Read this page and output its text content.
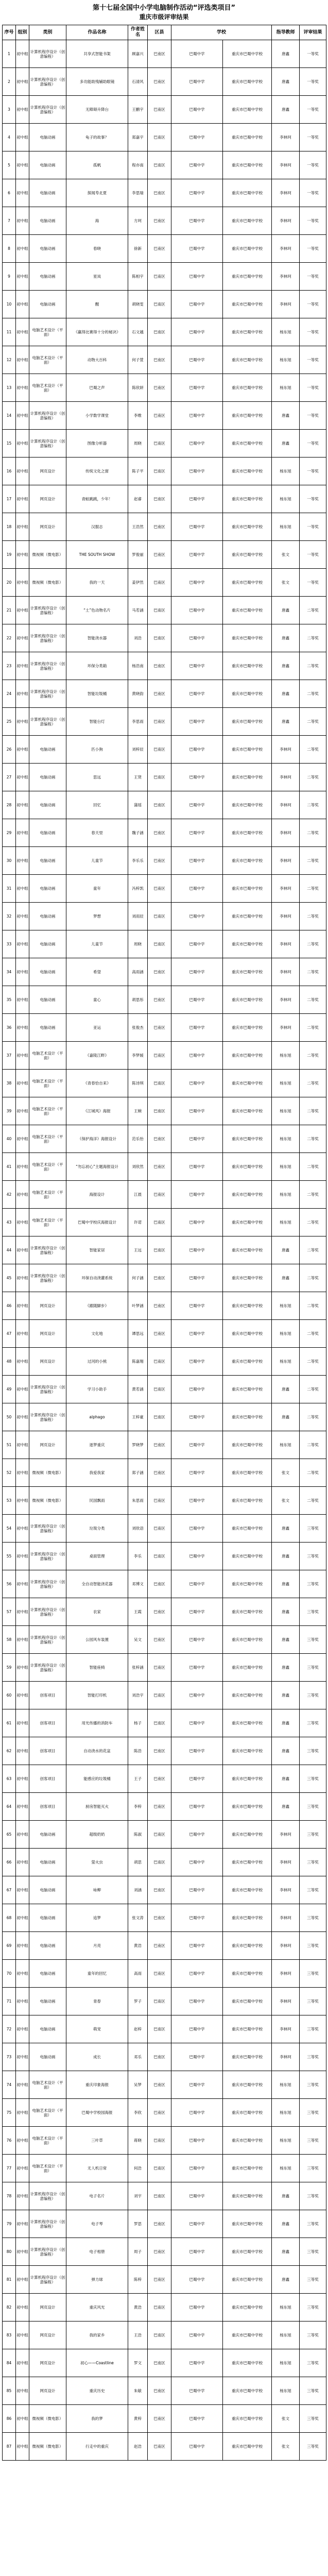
第十七届全国中小学电脑制作活动“评选类项目”
重庆市级评审结果
序号	组别	类别	作品名称	作者姓名	区县	学校		指导教师	评审结果
1	初中组	计算机程序设计（创意编程）	共享式智能书架	顾嘉兴	巴南区	巴蜀中学	重庆市巴蜀中学校	唐鑫	一等奖
2	初中组	计算机程序设计（创意编程）	多功能助残辅助眼镜	石清风	巴南区	巴蜀中学	重庆市巴蜀中学校	唐鑫	一等奖
3	初中组	计算机程序设计（创意编程）	无障碍升降台	王鹏宇	巴南区	巴蜀中学	重庆市巴蜀中学校	唐鑫	一等奖
4	初中组	电脑动画	龟子的故事？	郑嘉宇	巴南区	巴蜀中学	重庆市巴蜀中学校	李林珂	一等奖
5	初中组	电脑动画	孤帆	程亦南	巴南区	巴蜀中学	重庆市巴蜀中学校	李林珂	一等奖
6	初中组	电脑动画	探闻寿北夏	李思瑞	巴南区	巴蜀中学	重庆市巴蜀中学校	李林珂	一等奖
7	初中组	电脑动画	海	方珂	巴南区	巴蜀中学	重庆市巴蜀中学校	李林珂	一等奖
8	初中组	电脑动画	春晓	徐新	巴南区	巴蜀中学	重庆市巴蜀中学校	李林珂	一等奖
9	初中组	电脑动画	星岚	陈相宇	巴南区	巴蜀中学	重庆市巴蜀中学校	李林珂	一等奖
10	初中组	电脑动画	醒	胡晓雯	巴南区	巴蜀中学	重庆市巴蜀中学校	李林珂	一等奖
11	初中组	电脑艺术设计（平面）	《赢得比赛得十分的秘诀》	石文越	巴南区	巴蜀中学	重庆市巴蜀中学校	杨东旭	一等奖
12	初中组	电脑艺术设计（平面）	动物大百科	何子萱	巴南区	巴蜀中学	重庆市巴蜀中学校	杨东旭	一等奖
13	初中组	电脑艺术设计（平面）	巴蜀之声	陈欣妍	巴南区	巴蜀中学	重庆市巴蜀中学校	杨东旭	一等奖
14	初中组	计算机程序设计（创意编程）	小学数学课堂	李维	巴南区	巴蜀中学	重庆市巴蜀中学校	唐鑫	一等奖
15	初中组	计算机程序设计（创意编程）	图像分析器	周晓	巴南区	巴蜀中学	重庆市巴蜀中学校	唐鑫	一等奖
16	初中组	网页设计	传统文化之窗	陈子平	巴南区	巴蜀中学	重庆市巴蜀中学校	杨东旭	一等奖
17	初中组	网页设计	青蛙跳跳，少年！	赵睿	巴南区	巴蜀中学	重庆市巴蜀中学校	杨东旭	一等奖
18	初中组	网页设计	汉服志	王浩然	巴南区	巴蜀中学	重庆市巴蜀中学校	杨东旭	一等奖
19	初中组	微视频（微电影）	THE SOUTH SHOW	罗俊丽	巴南区	巴蜀中学	重庆市巴蜀中学校	张文	一等奖
20	初中组	微视频（微电影）	我的一天	姜伊然	巴南区	巴蜀中学	重庆市巴蜀中学校	张文	一等奖
21	初中组	计算机程序设计（创意编程）	“土”色动物名片	马若涵	巴南区	巴蜀中学	重庆市巴蜀中学校	唐鑫	二等奖
22	初中组	计算机程序设计（创意编程）	智能浇水器	刘浩	巴南区	巴蜀中学	重庆市巴蜀中学校	唐鑫	二等奖
23	初中组	计算机程序设计（创意编程）	环保分类箱	杨浩南	巴南区	巴蜀中学	重庆市巴蜀中学校	唐鑫	二等奖
24	初中组	计算机程序设计（创意编程）	智能垃圾桶	黄晓韵	巴南区	巴蜀中学	重庆市巴蜀中学校	唐鑫	二等奖
25	初中组	计算机程序设计（创意编程）	智能台灯	李思雨	巴南区	巴蜀中学	重庆市巴蜀中学校	唐鑫	二等奖
26	初中组	电脑动画	匹小狗	刘梓辰	巴南区	巴蜀中学	重庆市巴蜀中学校	李林珂	二等奖
27	初中组	电脑动画	思远	王贤	巴南区	巴蜀中学	重庆市巴蜀中学校	李林珂	二等奖
28	初中组	电脑动画	回忆	蒲瑶	巴南区	巴蜀中学	重庆市巴蜀中学校	李林珂	二等奖
29	初中组	电脑动画	春天里	魏子涵	巴南区	巴蜀中学	重庆市巴蜀中学校	李林珂	二等奖
30	初中组	电脑动画	儿童节	李乐乐	巴南区	巴蜀中学	重庆市巴蜀中学校	李林珂	二等奖
31	初中组	电脑动画	童年	冯梓凯	巴南区	巴蜀中学	重庆市巴蜀中学校	李林珂	二等奖
32	初中组	电脑动画	梦想	刘雨辰	巴南区	巴蜀中学	重庆市巴蜀中学校	李林珂	二等奖
33	初中组	电脑动画	儿童节	周晓	巴南区	巴蜀中学	重庆市巴蜀中学校	李林珂	二等奖
34	初中组	电脑动画	希望	高雨涵	巴南区	巴蜀中学	重庆市巴蜀中学校	李林珂	二等奖
35	初中组	电脑动画	童心	胡思彤	巴南区	巴蜀中学	重庆市巴蜀中学校	李林珂	二等奖
36	初中组	电脑动画	亚运	张俊杰	巴南区	巴蜀中学	重庆市巴蜀中学校	李林珂	二等奖
37	初中组	电脑艺术设计（平面）	《嘉陵江畔》	李梦媛	巴南区	巴蜀中学	重庆市巴蜀中学校	杨东旭	二等奖
38	初中组	电脑艺术设计（平面）	《青春恰自来》	陈诗琪	巴南区	巴蜀中学	重庆市巴蜀中学校	杨东旭	二等奖
39	初中组	电脑艺术设计（平面）	《江城风》海报	王婉	巴南区	巴蜀中学	重庆市巴蜀中学校	杨东旭	二等奖
40	初中组	电脑艺术设计（平面）	《保护海洋》海报设计	范乐怡	巴南区	巴蜀中学	重庆市巴蜀中学校	杨东旭	二等奖
41	初中组	电脑艺术设计（平面）	“勿忘初心”主题海报设计	刘欣然	巴南区	巴蜀中学	重庆市巴蜀中学校	杨东旭	二等奖
42	初中组	电脑艺术设计（平面）	海报设计	江晨	巴南区	巴蜀中学	重庆市巴蜀中学校	杨东旭	二等奖
43	初中组	电脑艺术设计（平面）	巴蜀中学校庆海报设计	许诺	巴南区	巴蜀中学	重庆市巴蜀中学校	杨东旭	二等奖
44	初中组	计算机程序设计（创意编程）	智能家居	王远	巴南区	巴蜀中学	重庆市巴蜀中学校	唐鑫	二等奖
45	初中组	计算机程序设计（创意编程）	环保自动浇灌系统	何子涵	巴南区	巴蜀中学	重庆市巴蜀中学校	唐鑫	二等奖
46	初中组	网页设计	《跟随脚步》	叶梦涵	巴南区	巴蜀中学	重庆市巴蜀中学校	杨东旭	二等奖
47	初中组	网页设计	文化地	谭思远	巴南区	巴蜀中学	重庆市巴蜀中学校	杨东旭	二等奖
48	初中组	网页设计	过河的小熊	陈嘉翔	巴南区	巴蜀中学	重庆市巴蜀中学校	杨东旭	二等奖
49	初中组	计算机程序设计（创意编程）	学习小助手	黄若涵	巴南区	巴蜀中学	重庆市巴蜀中学校	唐鑫	二等奖
50	初中组	计算机程序设计（创意编程）	alphago	王梓豪	巴南区	巴蜀中学	重庆市巴蜀中学校	唐鑫	二等奖
51	初中组	网页设计	逐梦重庆	罗晓梦	巴南区	巴蜀中学	重庆市巴蜀中学校	杨东旭	二等奖
52	初中组	微视频（微电影）	我爱我家	郑子涵	巴南区	巴蜀中学	重庆市巴蜀中学校	张文	二等奖
53	初中组	微视频（微电影）	民国飘雨	朱思雨	巴南区	巴蜀中学	重庆市巴蜀中学校	张文	二等奖
54	初中组	计算机程序设计（创意编程）	垃圾分类	刘欣语	巴南区	巴蜀中学	重庆市巴蜀中学校	唐鑫	三等奖
55	初中组	计算机程序设计（创意编程）	桌面管理	李乐	巴南区	巴蜀中学	重庆市巴蜀中学校	唐鑫	三等奖
56	初中组	计算机程序设计（创意编程）	全自动智能浇花器	邓博文	巴南区	巴蜀中学	重庆市巴蜀中学校	唐鑫	三等奖
57	初中组	计算机程序设计（创意编程）	农家	王霞	巴南区	巴蜀中学	重庆市巴蜀中学校	唐鑫	三等奖
58	初中组	计算机程序设计（创意编程）	公园风车装置	吴文	巴南区	巴蜀中学	重庆市巴蜀中学校	唐鑫	三等奖
59	初中组	计算机程序设计（创意编程）	智能座椅	张梓涵	巴南区	巴蜀中学	重庆市巴蜀中学校	唐鑫	三等奖
60	初中组	创客项目	智能打印机	刘浩宇	巴南区	巴蜀中学	重庆市巴蜀中学校	唐鑫	三等奖
61	初中组	创客项目	用光传播的消防车	杨子	巴南区	巴蜀中学	重庆市巴蜀中学校	唐鑫	三等奖
62	初中组	创客项目	自动浇水的花盆	陈浩	巴南区	巴蜀中学	重庆市巴蜀中学校	唐鑫	三等奖
63	初中组	创客项目	能感应的垃圾桶	王子	巴南区	巴蜀中学	重庆市巴蜀中学校	唐鑫	三等奖
64	初中组	创客项目	厨房智能灭火	李梓	巴南区	巴蜀中学	重庆市巴蜀中学校	唐鑫	三等奖
65	初中组	电脑动画	超级奶奶	陈淑	巴南区	巴蜀中学	重庆市巴蜀中学校	李林珂	三等奖
66	初中组	电脑动画	萤火虫	胡思	巴南区	巴蜀中学	重庆市巴蜀中学校	李林珂	三等奖
67	初中组	电脑动画	咏柳	刘涵	巴南区	巴蜀中学	重庆市巴蜀中学校	李林珂	三等奖
68	初中组	电脑动画	追梦	张文涛	巴南区	巴蜀中学	重庆市巴蜀中学校	李林珂	三等奖
69	初中组	电脑动画	月亮	黄浩	巴南区	巴蜀中学	重庆市巴蜀中学校	李林珂	三等奖
70	初中组	电脑动画	童年的回忆	高雨	巴南区	巴蜀中学	重庆市巴蜀中学校	李林珂	三等奖
71	初中组	电脑动画	青春	罗子	巴南区	巴蜀中学	重庆市巴蜀中学校	李林珂	三等奖
72	初中组	电脑动画	萌宠	赵梓	巴南区	巴蜀中学	重庆市巴蜀中学校	李林珂	三等奖
73	初中组	电脑动画	成长	邓乐	巴南区	巴蜀中学	重庆市巴蜀中学校	李林珂	三等奖
74	初中组	电脑艺术设计（平面）	重庆印象海报	吴梦	巴南区	巴蜀中学	重庆市巴蜀中学校	杨东旭	三等奖
75	初中组	电脑艺术设计（平面）	巴蜀中学校园海报	李欣	巴南区	巴蜀中学	重庆市巴蜀中学校	杨东旭	三等奖
76	初中组	电脑艺术设计（平面）	三叶草	蒋晓	巴南区	巴蜀中学	重庆市巴蜀中学校	杨东旭	三等奖
77	初中组	电脑艺术设计（平面）	无人机日常	何浩	巴南区	巴蜀中学	重庆市巴蜀中学校	杨东旭	三等奖
78	初中组	计算机程序设计（创意编程）	电子名片	刘宇	巴南区	巴蜀中学	重庆市巴蜀中学校	唐鑫	三等奖
79	初中组	计算机程序设计（创意编程）	电子琴	罗思	巴南区	巴蜀中学	重庆市巴蜀中学校	唐鑫	三等奖
80	初中组	计算机程序设计（创意编程）	电子相册	周子	巴南区	巴蜀中学	重庆市巴蜀中学校	唐鑫	三等奖
81	初中组	计算机程序设计（创意编程）	弹力球	陈梓	巴南区	巴蜀中学	重庆市巴蜀中学校	唐鑫	三等奖
82	初中组	网页设计	重庆风光	黄浩	巴南区	巴蜀中学	重庆市巴蜀中学校	杨东旭	三等奖
83	初中组	网页设计	我的家乡	王浩	巴南区	巴蜀中学	重庆市巴蜀中学校	杨东旭	三等奖
84	初中组	网页设计	初心——Coastline	罗文	巴南区	巴蜀中学	重庆市巴蜀中学校	杨东旭	三等奖
85	初中组	网页设计	重庆历史	朱敏	巴南区	巴蜀中学	重庆市巴蜀中学校	杨东旭	三等奖
86	初中组	微视频（微电影）	我的梦	黄梓	巴南区	巴蜀中学	重庆市巴蜀中学校	张文	三等奖
87	初中组	微视频（微电影）	行走中的重庆	赵浩	巴南区	巴蜀中学	重庆市巴蜀中学校	张文	三等奖
